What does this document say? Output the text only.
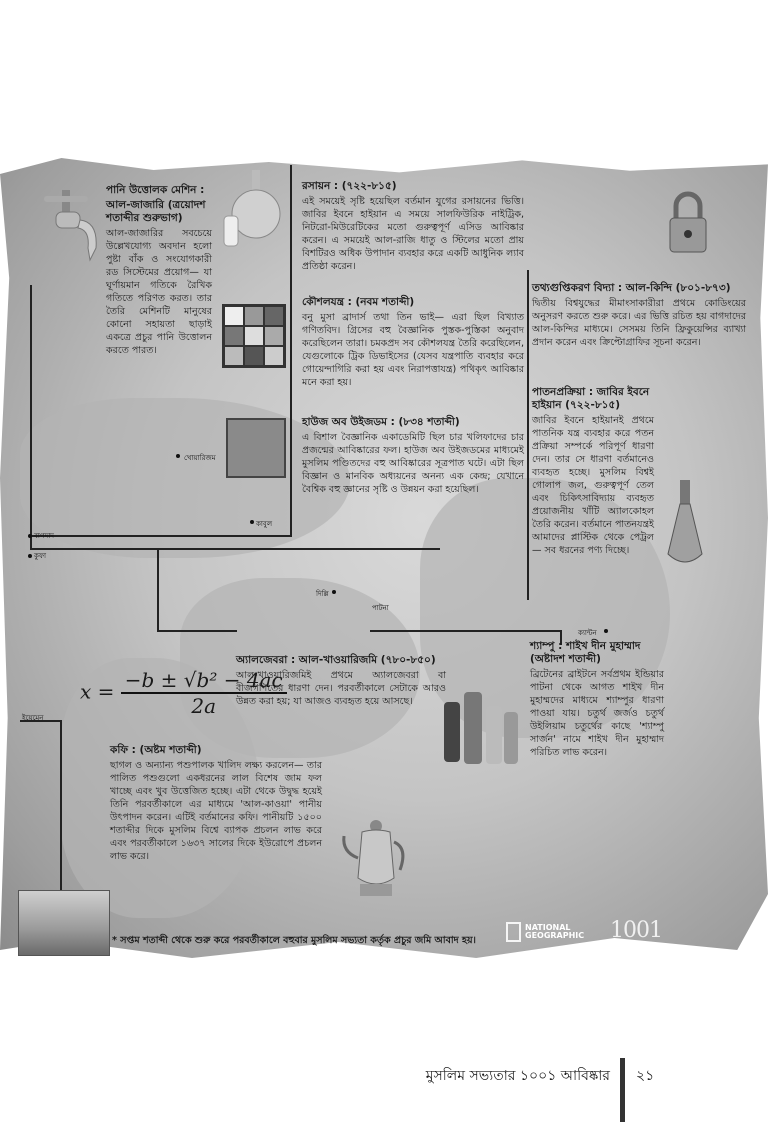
খোয়ারিজম
কাবুল
বাগদাদ
কুফা
দিল্লি
পাটনা
ক্যান্টন
ইয়েমেন
পানি উত্তোলক মেশিন :
আল-জাজারি (ত্রয়োদশ শতাব্দীর শুরুভাগ)

আল-জাজারির সবচেয়ে উল্লেখযোগ্য অবদান হলো পুষ্টা বাঁক ও সংযোগকারী রড সিস্টেমের প্রয়োগ— যা ঘূর্ণায়মান গতিকে রৈখিক গতিতে পরিণত করত। তার তৈরি মেশিনটি মানুষের কোনো সহায়তা ছাড়াই একত্রে প্রচুর পানি উত্তোলন করতে পারত।

রসায়ন : (৭২২-৮১৫)

এই সময়েই সৃষ্টি হয়েছিল বর্তমান যুগের রসায়নের ভিত্তি। জাবির ইবনে হাইয়ান এ সময়ে সালফিউরিক নাইট্রিক, নিটরো-মিউরেটিকের মতো গুরুত্বপূর্ণ এসিড আবিষ্কার করেন। এ সময়েই আল-রাজি ধাতু ও স্টিলের মতো প্রায় বিশটিরও অধিক উপাদান ব্যবহার করে একটি আধুনিক ল্যাব প্রতিষ্ঠা করেন।

কৌশলযন্ত্র : (নবম শতাব্দী)

বনু মুসা ব্রাদার্স তথা তিন ভাই— এরা ছিল বিখ্যাত গণিতবিদ। গ্রিসের বহু বৈজ্ঞানিক পুস্তক-পুস্তিকা অনুবাদ করেছিলেন তারা। চমকপ্রদ সব কৌশলযন্ত্র তৈরি করেছিলেন, যেগুলোকে ট্রিক ডিভাইসের (যেসব যন্ত্রপাতি ব্যবহার করে গোয়েন্দাগিরি করা হয় এবং নিরাপত্তাযন্ত্র) পথিকৃৎ আবিষ্কার মনে করা হয়।

হাউজ অব উইজডম : (৮৩৪ শতাব্দী)

এ বিশাল বৈজ্ঞানিক একাডেমিটি ছিল চার খলিফাদের চার প্রজন্মের আবিষ্কারের ফল। হাউজ অব উইজডমের মাধ্যমেই মুসলিম পণ্ডিতদের বহু আবিষ্কারের সূত্রপাত ঘটে। এটা ছিল বিজ্ঞান ও মানবিক অধ্যয়নের অনন্য এক কেন্দ্র; যেখানে বৈশ্বিক বহু জ্ঞানের সৃষ্টি ও উন্নয়ন করা হয়েছিল।

তথ্যগুপ্তিকরণ বিদ্যা : আল-কিন্দি (৮০১-৮৭৩)

দ্বিতীয় বিশ্বযুদ্ধের মীমাংসাকারীরা প্রথমে কোডিংয়ের অনুসরণ করতে শুরু করে। এর ভিত্তি রচিত হয় বাগদাদের আল-কিন্দির মাধ্যমে। সেসময় তিনি ফ্রিকুয়েন্সির ব্যাখ্যা প্রদান করেন এবং ক্রিপ্টোগ্রাফির সূচনা করেন।

পাতনপ্রক্রিয়া : জাবির ইবনে হাইয়ান (৭২২-৮১৫)

জাবির ইবনে হাইয়ানই প্রথমে পাতনিক যন্ত্র ব্যবহার করে পতন প্রক্রিয়া সম্পর্কে পরিপূর্ণ ধারণা দেন। তার সে ধারণা বর্তমানেও ব্যবহৃত হচ্ছে। মুসলিম বিশ্বই গোলাপ জল, গুরুত্বপূর্ণ তেল এবং চিকিৎসাবিদ্যায় ব্যবহৃত প্রয়োজনীয় খাঁটি অ্যালকোহল তৈরি করেন। বর্তমানে পাতনযন্ত্রই আমাদের প্লাস্টিক থেকে পেট্রল— সব ধরনের পণ্য দিচ্ছে।

শ্যাম্পু : শাইখ দীন মুহাম্মাদ (অষ্টাদশ শতাব্দী)

ব্রিটেনের ব্রাইটনে সর্বপ্রথম ইন্ডিয়ার পাটনা থেকে আগত শাইখ দীন মুহাম্মদের মাধ্যমে শ্যাম্পুর ধারণা পাওয়া যায়। চতুর্থ জর্জও চতুর্থ উইলিয়াম চতুর্থের কাছে 'শ্যাম্পু সার্জন' নামে শাইখ দীন মুহাম্মাদ পরিচিত লাভ করেন।

অ্যালজেবরা : আল-খাওয়ারিজমি (৭৮০-৮৫০)

আল-খাওয়ারিজমিই প্রথমে অ্যালজেবরা বা বীজগণিতের ধারণা দেন। পরবর্তীকালে সেটাকে আরও উন্নত করা হয়; যা আজও ব্যবহৃত হয়ে আসছে।

$x = \frac{\text{−b ± √b² − 4ac}}{2a}$
কফি : (অষ্টম শতাব্দী)

ছাগল ও অন্যান্য পশুপালক খালিদ লক্ষ্য করলেন— তার পালিত পশুগুলো একধরনের লাল বিশেষ জাম ফল খাচ্ছে এবং খুব উত্তেজিত হচ্ছে। এটা থেকে উদ্বুদ্ধ হয়েই তিনি পরবর্তীকালে এর মাধ্যমে 'আল-কাওয়া' পানীয় উৎপাদন করেন। এটিই বর্তমানের কফি। পানীয়টি ১৫০০ শতাব্দীর দিকে মুসলিম বিশ্বে ব্যাপক প্রচলন লাভ করে এবং পরবর্তীকালে ১৬৩৭ সালের দিকে ইউরোপে প্রচলন লাভ করে।

* সপ্তম শতাব্দী থেকে শুরু করে পরবর্তীকালে বহুবার মুসলিম সভ্যতা কর্তৃক প্রচুর জমি আবাদ হয়।
NATIONAL
GEOGRAPHIC 1001
মুসলিম সভ্যতার ১০০১ আবিষ্কার ২১
